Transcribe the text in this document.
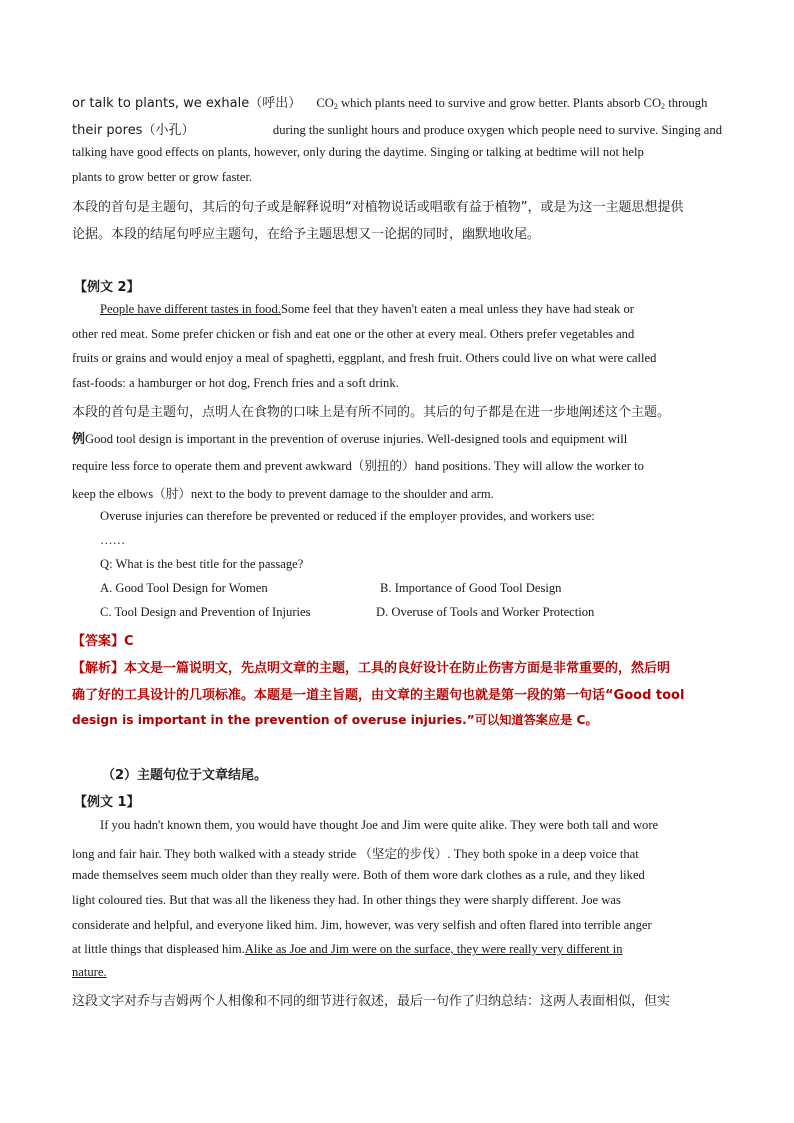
or talk to plants, we exhale（呼出） $CO_2$ which plants need to survive and grow better. Plants absorb $CO_2$ through
their pores（小孔）	during the sunlight hours and produce oxygen which people need to survive. Singing and
talking have good effects on plants, however, only during the daytime. Singing or talking at bedtime will not help
plants to grow better or grow faster.
本段的首句是主题句，其后的句子或是解释说明“对植物说话或唱歌有益于植物”，或是为这一主题思想提供
论据。本段的结尾句呼应主题句，在给予主题思想又一论据的同时，幽默地收尾。
【例文 2】
People have different tastes in food. Some feel that they haven't eaten a meal unless they have had steak or
other red meat. Some prefer chicken or fish and eat one or the other at every meal. Others prefer vegetables and
fruits or grains and would enjoy a meal of spaghetti, eggplant, and fresh fruit. Others could live on what were called
fast-foods: a hamburger or hot dog, French fries and a soft drink.
本段的首句是主题句，点明人在食物的口味上是有所不同的。其后的句子都是在进一步地阐述这个主题。
例 Good tool design is important in the prevention of overuse injuries. Well-designed tools and equipment will
require less force to operate them and prevent awkward（别扭的）hand positions. They will allow the worker to
keep the elbows（肘）next to the body to prevent damage to the shoulder and arm.
Overuse injuries can therefore be prevented or reduced if the employer provides, and workers use:
……
Q: What is the best title for the passage?
A. Good Tool Design for Women	B. Importance of Good Tool Design
C. Tool Design and Prevention of Injuries	D. Overuse of Tools and Worker Protection
【答案】C
【解析】本文是一篇说明文，先点明文章的主题，工具的良好设计在防止伤害方面是非常重要的，然后明
确了好的工具设计的几项标准。本题是一道主旨题，由文章的主题句也就是第一段的第一句话“Good tool
design is important in the prevention of overuse injuries.”可以知道答案应是 C。
（2）主题句位于文章结尾。
【例文 1】
If you hadn't known them, you would have thought Joe and Jim were quite alike. They were both tall and wore
long and fair hair. They both walked with a steady stride （坚定的步伐）. They both spoke in a deep voice that
made themselves seem much older than they really were. Both of them wore dark clothes as a rule, and they liked
light coloured ties. But that was all the likeness they had. In other things they were sharply different. Joe was
considerate and helpful, and everyone liked him. Jim, however, was very selfish and often flared into terrible anger
at little things that displeased him. Alike as Joe and Jim were on the surface, they were really very different in
nature.
这段文字对乔与吉姆两个人相像和不同的细节进行叙述，最后一句作了归纳总结：这两人表面相似，但实
